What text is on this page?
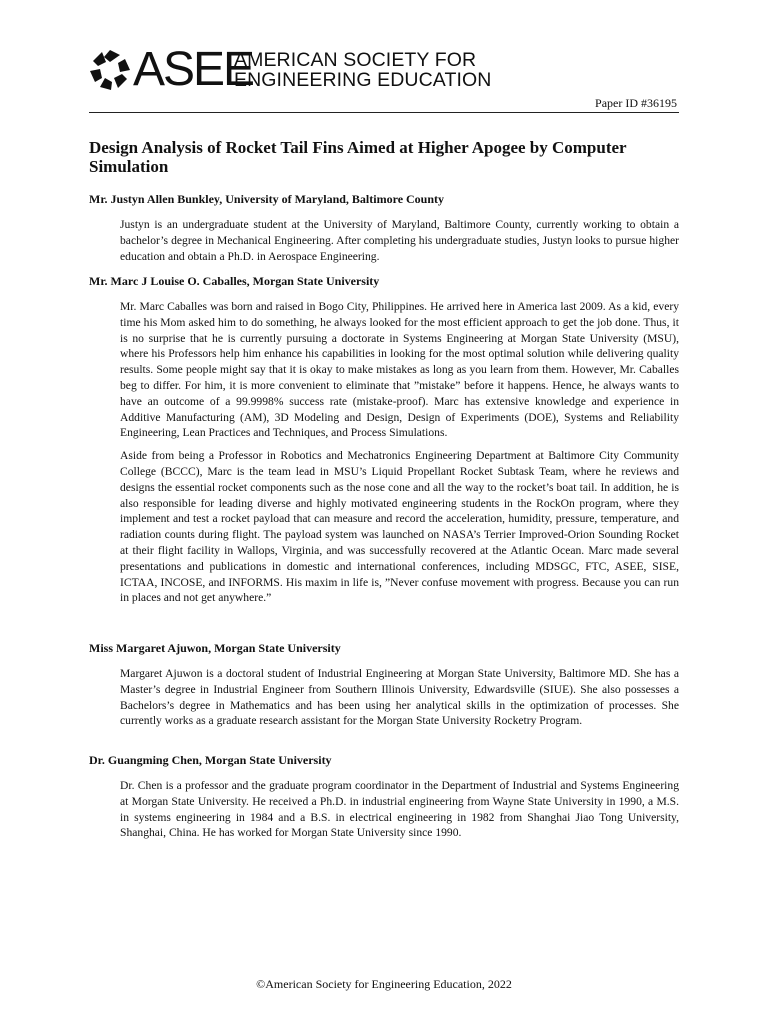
ASEE
AMERICAN SOCIETY FOR
ENGINEERING EDUCATION
Paper ID #36195
Design Analysis of Rocket Tail Fins Aimed at Higher Apogee by Computer Simulation

Mr. Justyn Allen Bunkley, University of Maryland, Baltimore County

Justyn is an undergraduate student at the University of Maryland, Baltimore County, currently working to obtain a bachelor’s degree in Mechanical Engineering. After completing his undergraduate studies, Justyn looks to pursue higher education and obtain a Ph.D. in Aerospace Engineering.

Mr. Marc J Louise O. Caballes, Morgan State University

Mr. Marc Caballes was born and raised in Bogo City, Philippines. He arrived here in America last 2009. As a kid, every time his Mom asked him to do something, he always looked for the most efficient approach to get the job done. Thus, it is no surprise that he is currently pursuing a doctorate in Systems Engineering at Morgan State University (MSU), where his Professors help him enhance his capabilities in looking for the most optimal solution while delivering quality results. Some people might say that it is okay to make mistakes as long as you learn from them. However, Mr. Caballes beg to differ. For him, it is more convenient to eliminate that ”mistake” before it happens. Hence, he always wants to have an outcome of a 99.9998% success rate (mistake-proof). Marc has extensive knowledge and experience in Additive Manufacturing (AM), 3D Modeling and Design, Design of Experiments (DOE), Systems and Reliability Engineering, Lean Practices and Techniques, and Process Simulations.

Aside from being a Professor in Robotics and Mechatronics Engineering Department at Baltimore City Community College (BCCC), Marc is the team lead in MSU’s Liquid Propellant Rocket Subtask Team, where he reviews and designs the essential rocket components such as the nose cone and all the way to the rocket’s boat tail. In addition, he is also responsible for leading diverse and highly motivated engineering students in the RockOn program, where they implement and test a rocket payload that can measure and record the acceleration, humidity, pressure, temperature, and radiation counts during flight. The payload system was launched on NASA’s Terrier Improved-Orion Sounding Rocket at their flight facility in Wallops, Virginia, and was successfully recovered at the Atlantic Ocean. Marc made several presentations and publications in domestic and international conferences, including MDSGC, FTC, ASEE, SISE, ICTAA, INCOSE, and INFORMS. His maxim in life is, ”Never confuse movement with progress. Because you can run in places and not get anywhere.”

Miss Margaret Ajuwon, Morgan State University

Margaret Ajuwon is a doctoral student of Industrial Engineering at Morgan State University, Baltimore MD. She has a Master’s degree in Industrial Engineer from Southern Illinois University, Edwardsville (SIUE). She also possesses a Bachelors’s degree in Mathematics and has been using her analytical skills in the optimization of processes. She currently works as a graduate research assistant for the Morgan State University Rocketry Program.

Dr. Guangming Chen, Morgan State University

Dr. Chen is a professor and the graduate program coordinator in the Department of Industrial and Systems Engineering at Morgan State University. He received a Ph.D. in industrial engineering from Wayne State University in 1990, a M.S. in systems engineering in 1984 and a B.S. in electrical engineering in 1982 from Shanghai Jiao Tong University, Shanghai, China. He has worked for Morgan State University since 1990.

©American Society for Engineering Education, 2022
